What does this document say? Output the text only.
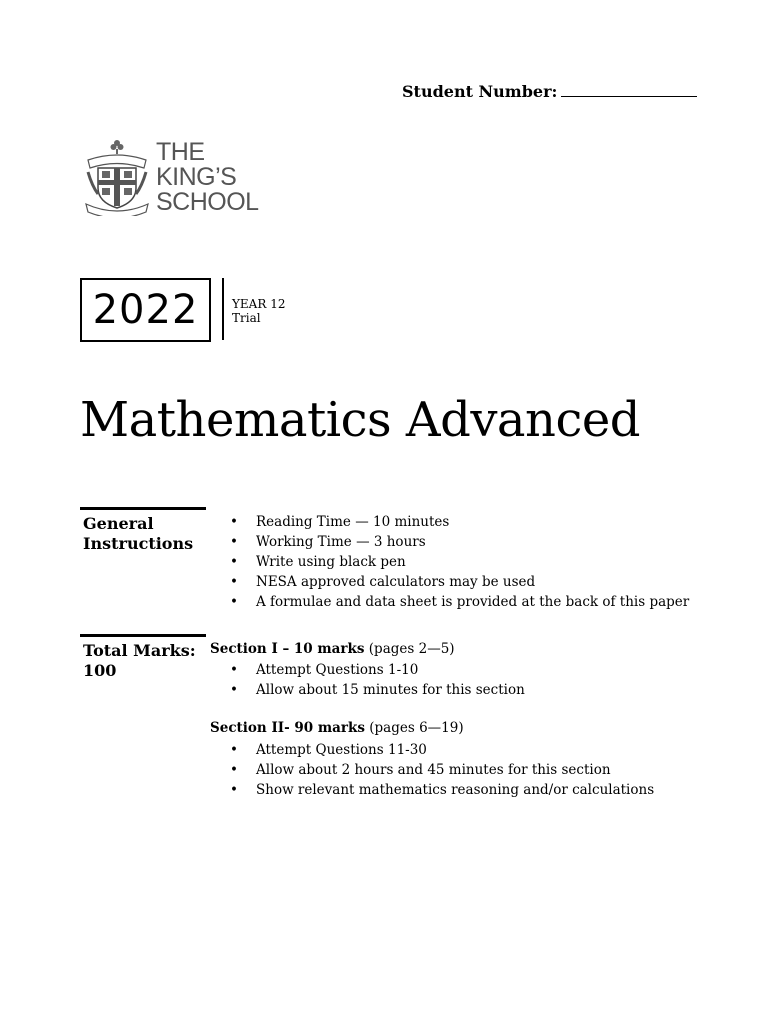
Student Number:
THE
KING’S
SCHOOL
2022	YEAR 12
Trial
Mathematics Advanced
General
Instructions
•	Reading Time — 10 minutes
•	Working Time — 3 hours
•	Write using black pen
•	NESA approved calculators may be used
•	A formulae and data sheet is provided at the back of this paper
Total Marks:
100
Section I – 10 marks (pages 2—5)
•	Attempt Questions 1-10
•	Allow about 15 minutes for this section
Section II- 90 marks (pages 6—19)
•	Attempt Questions 11-30
•	Allow about 2 hours and 45 minutes for this section
•	Show relevant mathematics reasoning and/or calculations
